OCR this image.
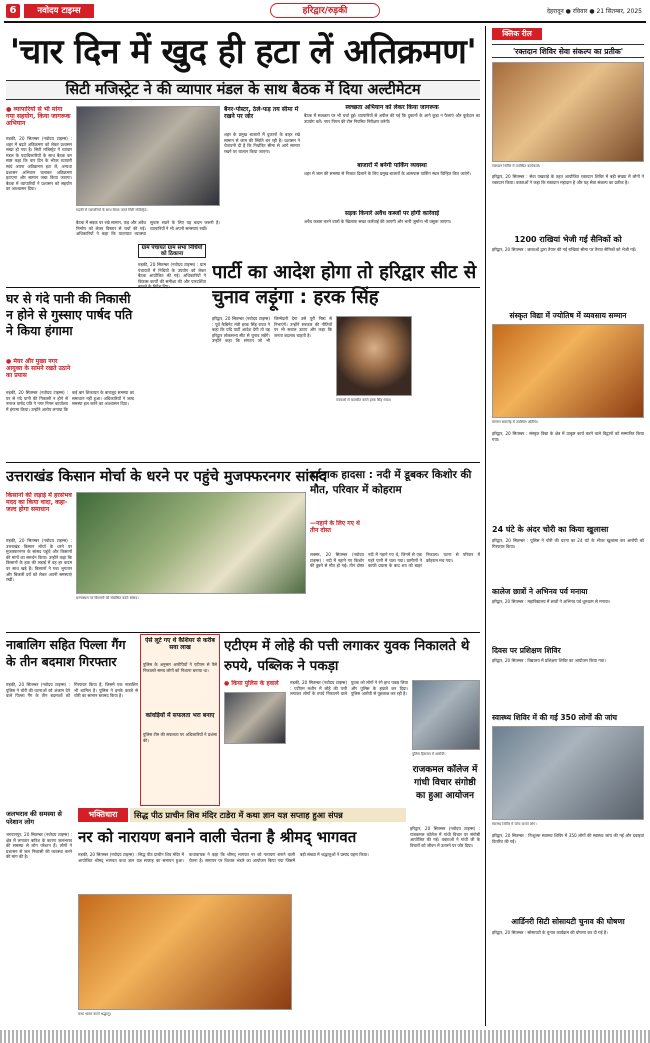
6	नवोदय टाइम्स	हरिद्वार/रुड़की	देहरादून ● रविवार ● 21 सितम्बर, 2025
'चार दिन में खुद ही हटा लें अतिक्रमण'
सिटी मजिस्ट्रेट ने की व्यापार मंडल के साथ बैठक में दिया अल्टीमेटम
● व्यापारियों से भी मांगा गया सहयोग, किया जागरूक अभियान
रुड़की, 20 सितम्बर (नवोदय टाइम्स) : शहर में बढ़ते अतिक्रमण को लेकर प्रशासन सख्त हो गया है। सिटी मजिस्ट्रेट ने व्यापार मंडल के पदाधिकारियों के साथ बैठक कर स्पष्ट कहा कि चार दिन के भीतर व्यापारी स्वयं अपना अतिक्रमण हटा लें, अन्यथा प्रशासन अभियान चलाकर अतिक्रमण हटाएगा और सामान जब्त किया जाएगा। बैठक में व्यापारियों ने प्रशासन को सहयोग का आश्वासन दिया।
रुड़की में व्यापारियों के साथ बैठक करते सिटी मजिस्ट्रेट।
बैठक में सड़क पर रखे सामान, फड़ और अवैध निर्माण को लेकर विस्तार से चर्चा की गई। अधिकारियों ने कहा कि यातायात व्यवस्था सुचारु रखने के लिए यह कदम जरूरी है। व्यापारियों ने भी अपनी समस्याएं रखीं।
बैनर-पोस्टर, ठेले-फड़ तय सीमा में रखने पर जोर
शहर के प्रमुख बाजारों में दुकानों के बाहर रखे सामान से जाम की स्थिति बन रही है। प्रशासन ने चेतावनी दी है कि निर्धारित सीमा से आगे सामान रखने पर चालान किया जाएगा।
स्वच्छता अभियान को लेकर किया जागरूक
बैठक में स्वच्छता पर भी चर्चा हुई। व्यापारियों से अपील की गई कि दुकानों के आगे कूड़ा न फैलाएं और कूड़ेदान का उपयोग करें। नगर निगम की टीम नियमित निरीक्षण करेगी।
बाजारों में बनेगी पार्किंग व्यवस्था
शहर में जाम की समस्या से निजात दिलाने के लिए प्रमुख बाजारों के आसपास पार्किंग स्थल चिन्हित किए जाएंगे।
सड़क किनारे अवैध कब्जों पर होगी कार्रवाई
अवैध कब्जा करने वालों के खिलाफ सख्त कार्रवाई की जाएगी और भारी जुर्माना भी वसूला जाएगा।
घर से गंदे पानी की निकासी न होने से गुस्साए पार्षद पति ने किया हंगामा
● मेयर और मुख्य नगर आयुक्त के सामने रखते उठाने का प्रयास
रुड़की, 20 सितम्बर (नवोदय टाइम्स) : घर से गंदे पानी की निकासी न होने से नाराज पार्षद पति ने नगर निगम कार्यालय में हंगामा किया। उन्होंने आरोप लगाया कि कई बार शिकायत के बावजूद समस्या का समाधान नहीं हुआ। अधिकारियों ने जल्द समस्या हल करने का आश्वासन दिया।
ग्राम पंचायत ग्राम सभा निधियों को ठिकाना
रुड़की, 20 सितम्बर (नवोदय टाइम्स) : ग्राम पंचायतों में निधियों के उपयोग को लेकर बैठक आयोजित की गई। अधिकारियों ने विकास कार्यों की समीक्षा की और पारदर्शिता बरतने के निर्देश दिए।
पार्टी का आदेश होगा तो हरिद्वार सीट से चुनाव लड़ूंगा : हरक सिंह
हरिद्वार, 20 सितम्बर (नवोदय टाइम्स) : पूर्व कैबिनेट मंत्री हरक सिंह रावत ने कहा कि यदि पार्टी आदेश देगी तो वह हरिद्वार लोकसभा सीट से चुनाव लड़ेंगे। उन्होंने कहा कि संगठन जो भी जिम्मेदारी देगा उसे पूरी निष्ठा से निभाएंगे। उन्होंने सरकार की नीतियों पर भी सवाल उठाए और कहा कि जनता बदलाव चाहती है।
पत्रकारों से बातचीत करते हरक सिंह रावत।
उत्तराखंड किसान मोर्चा के धरने पर पहुंचे मुजफ्फरनगर सांसद
किसानों की लड़ाई में हरसंभव मदद का किया वादा, कहा- जल्द होगा समाधान
रुड़की, 20 सितम्बर (नवोदय टाइम्स) : उत्तराखंड किसान मोर्चा के धरने पर मुजफ्फरनगर के सांसद पहुंचे और किसानों की मांगों का समर्थन किया। उन्होंने कहा कि किसानों के हक की लड़ाई में वह हर कदम पर साथ खड़े हैं। किसानों ने गन्ना भुगतान और बिजली दरों को लेकर अपनी समस्याएं रखीं।
धरनास्थल पर किसानों को संबोधित करते सांसद।
दर्दनाक हादसा : नदी में डूबकर किशोर की मौत, परिवार में कोहराम
—नहाने के लिए गए थे तीन दोस्त
लक्सर, 20 सितम्बर (नवोदय टाइम्स) : नदी में नहाने गए किशोर की डूबने से मौत हो गई। तीन दोस्त नदी में नहाने गए थे, जिनमें से एक गहरे पानी में चला गया। ग्रामीणों ने काफी प्रयास के बाद शव को बाहर निकाला। घटना से परिवार में कोहराम मच गया।
नाबालिग सहित पिल्ला गैंग के तीन बदमाश गिरफ्तार
रुड़की, 20 सितम्बर (नवोदय टाइम्स) : पुलिस ने चोरी की घटनाओं को अंजाम देने वाले पिल्ला गैंग के तीन बदमाशों को गिरफ्तार किया है, जिसमें एक नाबालिग भी शामिल है। पुलिस ने इनके कब्जे से चोरी का सामान बरामद किया है।
जलभराव की समस्या से परेशान लोग
भगवानपुर, 20 सितम्बर (नवोदय टाइम्स) : क्षेत्र में लगातार बारिश के कारण जलभराव की समस्या से लोग परेशान हैं। लोगों ने प्रशासन से जल निकासी की व्यवस्था करने की मांग की है।
ऐसे लूटे गए थे कैशियर से करीब सवा लाख
पुलिस के अनुसार आरोपियों ने एटीएम से पैसे निकालते समय लोगों को निशाना बनाया था।
कांवड़ियों में सफलता भरा बनाए
पुलिस टीम की सफलता पर अधिकारियों ने प्रशंसा की।
एटीएम में लोहे की पत्ती लगाकर युवक निकालते थे रुपये, पब्लिक ने पकड़ा
● किया पुलिस के हवाले	रुड़की, 20 सितम्बर (नवोदय टाइम्स) : एटीएम मशीन में लोहे की पत्ती लगाकर लोगों के रुपये निकालने वाले युवक को लोगों ने रंगे हाथ पकड़ लिया और पुलिस के हवाले कर दिया। पुलिस आरोपी से पूछताछ कर रही है।
पुलिस हिरासत में आरोपी।
भक्तिधारा	सिद्ध पीठ प्राचीन शिव मंदिर टाडेरा में कथा ज्ञान यज्ञ सप्ताह हुआ संपन्न
नर को नारायण बनाने वाली चेतना है श्रीमद् भागवत
रुड़की, 20 सितम्बर (नवोदय टाइम्स) : सिद्ध पीठ प्राचीन शिव मंदिर में आयोजित श्रीमद् भागवत कथा ज्ञान यज्ञ सप्ताह का समापन हुआ। कथावाचक ने कहा कि श्रीमद् भागवत नर को नारायण बनाने वाली चेतना है। समापन पर विशाल भंडारे का आयोजन किया गया जिसमें बड़ी संख्या में श्रद्धालुओं ने प्रसाद ग्रहण किया।
कथा श्रवण करते श्रद्धालु।
राजकमल कॉलेज में गांधी विचार संगोष्ठी का हुआ आयोजन
हरिद्वार, 20 सितम्बर (नवोदय टाइम्स) : राजकमल कॉलेज में गांधी विचार पर संगोष्ठी आयोजित की गई। वक्ताओं ने गांधी जी के विचारों को जीवन में उतारने पर जोर दिया।
क्लिक रील
'रक्तदान शिविर सेवा संकल्प का प्रतीक'
रक्तदान शिविर में उपस्थित कार्यकर्ता।
हरिद्वार, 20 सितम्बर : सेवा पखवाड़े के तहत आयोजित रक्तदान शिविर में बड़ी संख्या में लोगों ने रक्तदान किया। वक्ताओं ने कहा कि रक्तदान महादान है और यह सेवा संकल्प का प्रतीक है।
1200 राखियां भेजी गई सैनिकों को
हरिद्वार, 20 सितम्बर : छात्राओं द्वारा तैयार की गई राखियां सीमा पर तैनात सैनिकों को भेजी गईं।
संस्कृत विद्या में ज्योतिष में व्यवसाय सम्मान
सम्मान समारोह में उपस्थित अतिथि।
हरिद्वार, 20 सितम्बर : संस्कृत विद्या के क्षेत्र में उत्कृष्ट कार्य करने वाले विद्वानों को सम्मानित किया गया।
24 घंटे के अंदर चोरी का किया खुलासा
हरिद्वार, 20 सितम्बर : पुलिस ने चोरी की घटना का 24 घंटे के भीतर खुलासा कर आरोपी को गिरफ्तार किया।
कालेज छात्रों ने अभिनव पर्व मनाया
हरिद्वार, 20 सितम्बर : महाविद्यालय में छात्रों ने अभिनव पर्व धूमधाम से मनाया।
दिवस पर प्रशिक्षण शिविर
हरिद्वार, 20 सितम्बर : विद्यालय में प्रशिक्षण शिविर का आयोजन किया गया।
स्वास्थ्य शिविर में की गई 350 लोगों की जांच
स्वास्थ्य शिविर में जांच कराते लोग।
हरिद्वार, 20 सितम्बर : निःशुल्क स्वास्थ्य शिविर में 350 लोगों की स्वास्थ्य जांच की गई और दवाइयां वितरित की गईं।
आर्डिनरी सिटी सोसायटी चुनाव की घोषणा
हरिद्वार, 20 सितम्बर : सोसायटी के चुनाव कार्यक्रम की घोषणा कर दी गई है।
